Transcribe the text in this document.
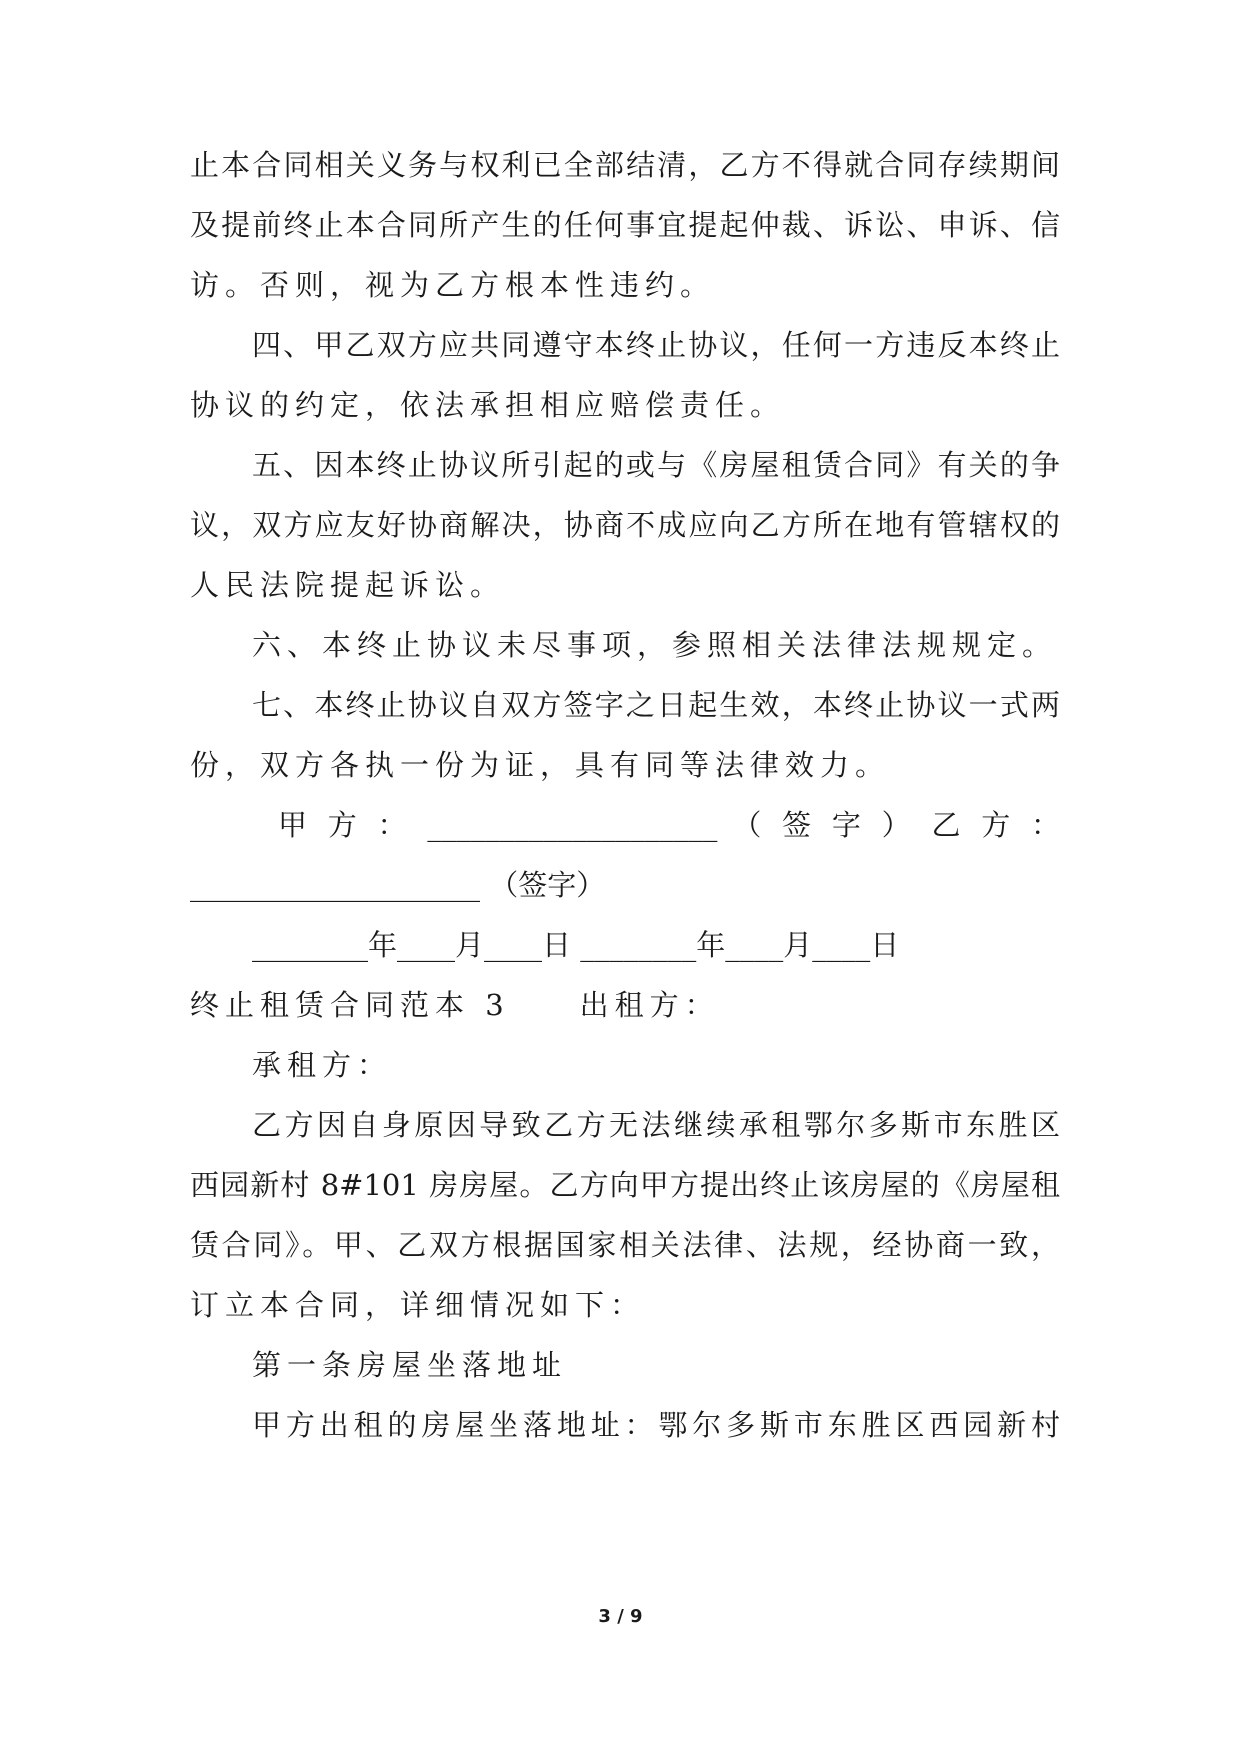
止本合同相关义务与权利已全部结清，乙方不得就合同存续期间
及提前终止本合同所产生的任何事宜提起仲裁、诉讼、申诉、信
访。否则，视为乙方根本性违约。
四、甲乙双方应共同遵守本终止协议，任何一方违反本终止
协议的约定，依法承担相应赔偿责任。
五、因本终止协议所引起的或与《房屋租赁合同》有关的争
议，双方应友好协商解决，协商不成应向乙方所在地有管辖权的
人民法院提起诉讼。
六、本终止协议未尽事项，参照相关法律法规规定。
七、本终止协议自双方签字之日起生效，本终止协议一式两
份，双方各执一份为证，具有同等法律效力。
甲 方 ： ____________________ （ 签 字 ） 乙 方 ：
____________________ （签字）
________年____月____日 ________年____月____日
终止租赁合同范本 3　　出租方：
承租方：
乙方因自身原因导致乙方无法继续承租鄂尔多斯市东胜区
西园新村 8#101 房房屋。乙方向甲方提出终止该房屋的《房屋租
赁合同》。甲、乙双方根据国家相关法律、法规，经协商一致，
订立本合同，详细情况如下：
第一条房屋坐落地址
甲方出租的房屋坐落地址：鄂尔多斯市东胜区西园新村
3 / 9
